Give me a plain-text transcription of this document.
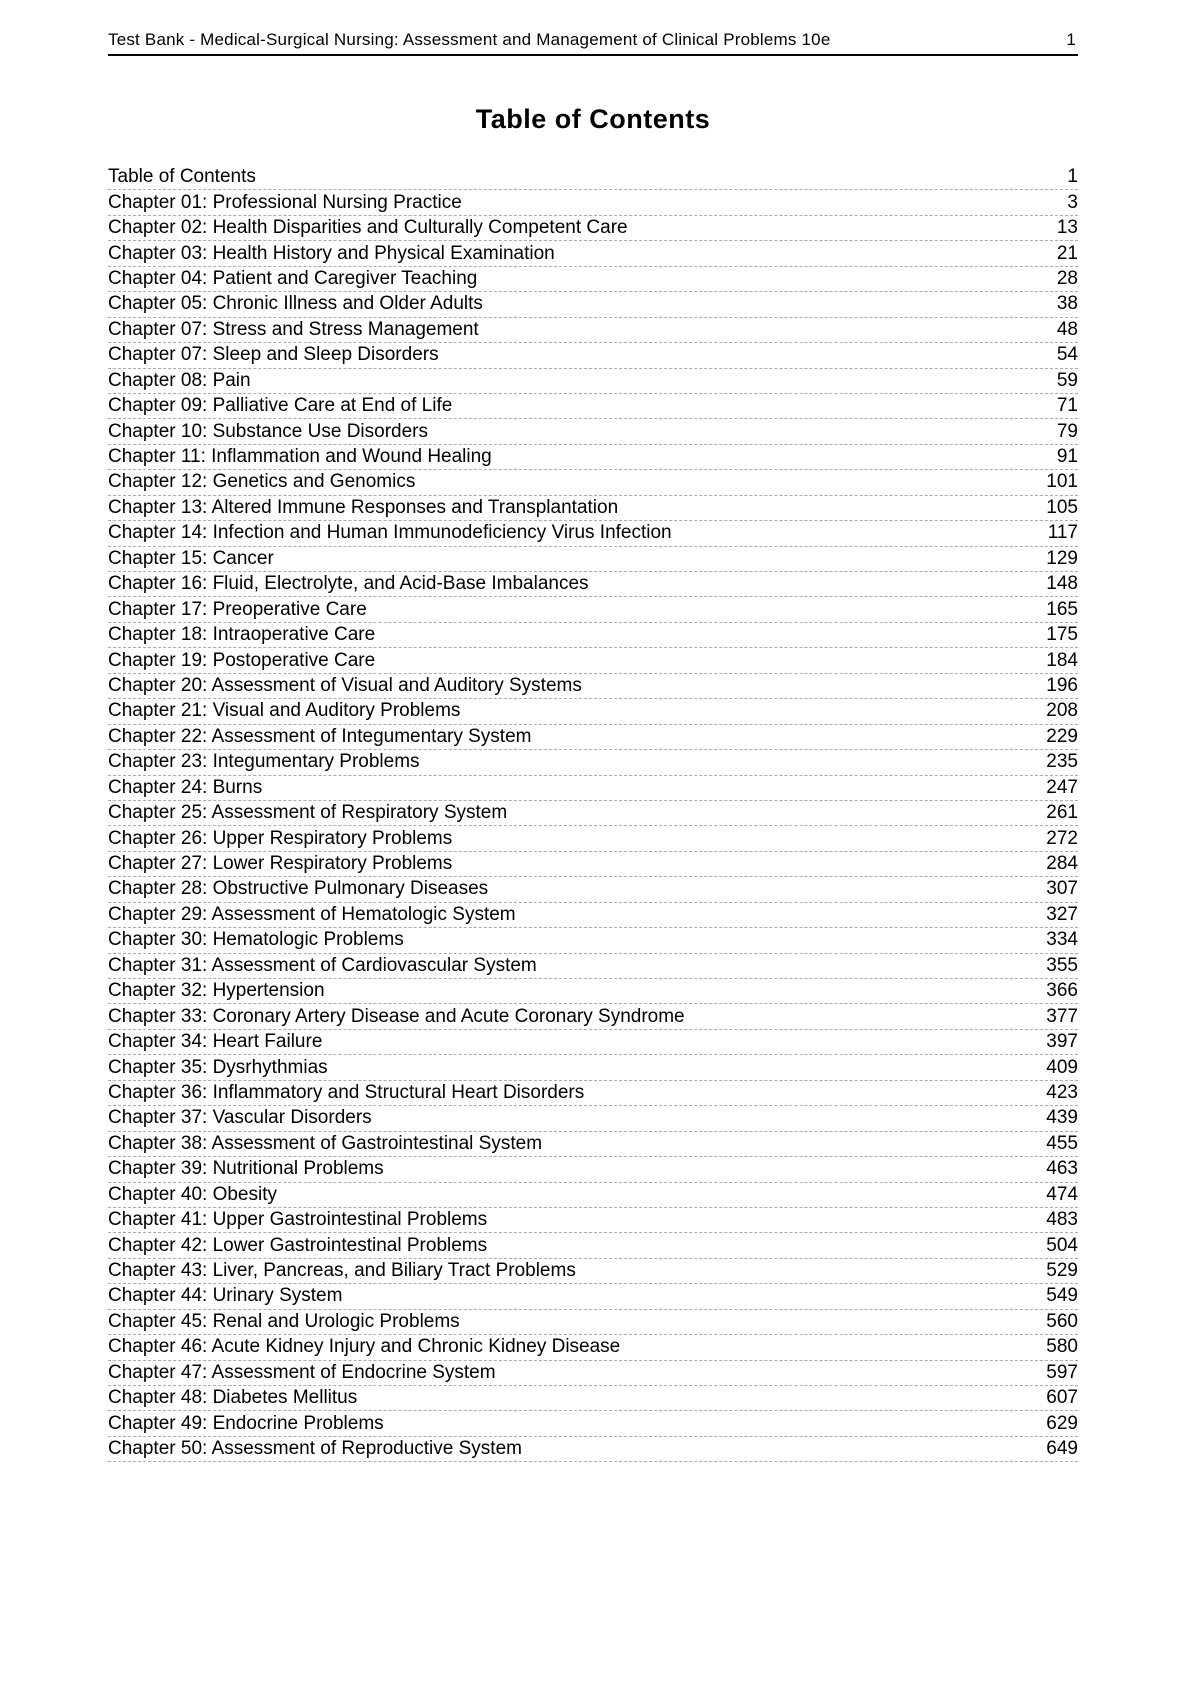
Test Bank - Medical-Surgical Nursing: Assessment and Management of Clinical Problems 10e	1
Table of Contents
Table of Contents	1
Chapter 01: Professional Nursing Practice	3
Chapter 02: Health Disparities and Culturally Competent Care	13
Chapter 03: Health History and Physical Examination	21
Chapter 04: Patient and Caregiver Teaching	28
Chapter 05: Chronic Illness and Older Adults	38
Chapter 07: Stress and Stress Management	48
Chapter 07: Sleep and Sleep Disorders	54
Chapter 08: Pain	59
Chapter 09: Palliative Care at End of Life	71
Chapter 10: Substance Use Disorders	79
Chapter 11: Inflammation and Wound Healing	91
Chapter 12: Genetics and Genomics	101
Chapter 13: Altered Immune Responses and Transplantation	105
Chapter 14: Infection and Human Immunodeficiency Virus Infection	117
Chapter 15: Cancer	129
Chapter 16: Fluid, Electrolyte, and Acid-Base Imbalances	148
Chapter 17: Preoperative Care	165
Chapter 18: Intraoperative Care	175
Chapter 19: Postoperative Care	184
Chapter 20: Assessment of Visual and Auditory Systems	196
Chapter 21: Visual and Auditory Problems	208
Chapter 22: Assessment of Integumentary System	229
Chapter 23: Integumentary Problems	235
Chapter 24: Burns	247
Chapter 25: Assessment of Respiratory System	261
Chapter 26: Upper Respiratory Problems	272
Chapter 27: Lower Respiratory Problems	284
Chapter 28: Obstructive Pulmonary Diseases	307
Chapter 29: Assessment of Hematologic System	327
Chapter 30: Hematologic Problems	334
Chapter 31: Assessment of Cardiovascular System	355
Chapter 32: Hypertension	366
Chapter 33: Coronary Artery Disease and Acute Coronary Syndrome	377
Chapter 34: Heart Failure	397
Chapter 35: Dysrhythmias	409
Chapter 36: Inflammatory and Structural Heart Disorders	423
Chapter 37: Vascular Disorders	439
Chapter 38: Assessment of Gastrointestinal System	455
Chapter 39: Nutritional Problems	463
Chapter 40: Obesity	474
Chapter 41: Upper Gastrointestinal Problems	483
Chapter 42: Lower Gastrointestinal Problems	504
Chapter 43: Liver, Pancreas, and Biliary Tract Problems	529
Chapter 44: Urinary System	549
Chapter 45: Renal and Urologic Problems	560
Chapter 46: Acute Kidney Injury and Chronic Kidney Disease	580
Chapter 47: Assessment of Endocrine System	597
Chapter 48: Diabetes Mellitus	607
Chapter 49: Endocrine Problems	629
Chapter 50: Assessment of Reproductive System	649
